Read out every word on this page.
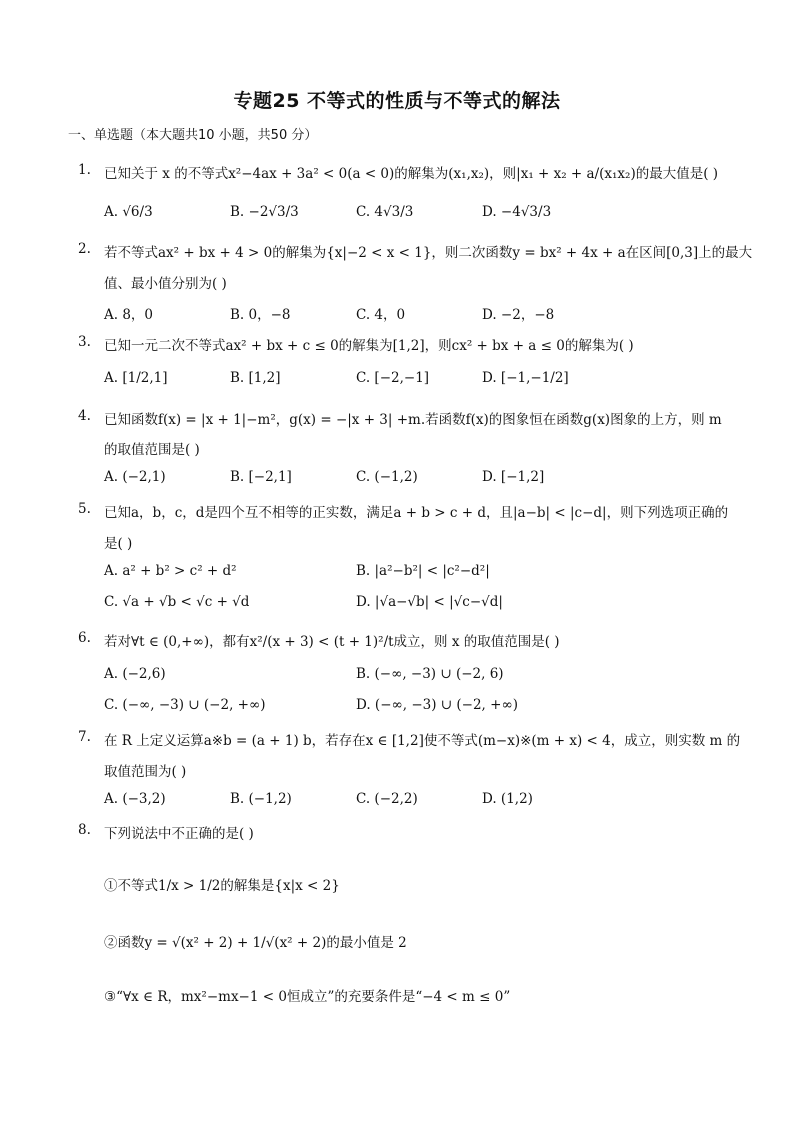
专题25 不等式的性质与不等式的解法
一、单选题（本大题共10 小题，共50 分）
1. 已知关于 x 的不等式x²−4ax + 3a² < 0(a < 0)的解集为(x₁,x₂)，则|x₁ + x₂ + a/(x₁x₂)的最大值是( )
A. √6/3	B. −2√3/3	C. 4√3/3	D. −4√3/3
2. 若不等式ax² + bx + 4 > 0的解集为{x|−2 < x < 1}，则二次函数y = bx² + 4x + a在区间[0,3]上的最大
值、最小值分别为( )
A. 8，0	B. 0，−8	C. 4，0	D. −2，−8
3. 已知一元二次不等式ax² + bx + c ≤ 0的解集为[1,2]，则cx² + bx + a ≤ 0的解集为( )
A. [1/2,1]	B. [1,2]	C. [−2,−1]	D. [−1,−1/2]
4. 已知函数f(x) = |x + 1|−m²，g(x) = −|x + 3| +m.若函数f(x)的图象恒在函数g(x)图象的上方，则 m
的取值范围是( )
A. (−2,1)	B. [−2,1]	C. (−1,2)	D. [−1,2]
5. 已知a，b，c，d是四个互不相等的正实数，满足a + b > c + d，且|a−b| < |c−d|，则下列选项正确的
是( )
A. a² + b² > c² + d²	B. |a²−b²| < |c²−d²|
C. √a + √b < √c + √d	D. |√a−√b| < |√c−√d|
6. 若对∀t ∈ (0,+∞)，都有x²/(x + 3) < (t + 1)²/t成立，则 x 的取值范围是( )
A. (−2,6)	B. (−∞, −3) ∪ (−2, 6)
C. (−∞, −3) ∪ (−2, +∞)	D. (−∞, −3) ∪ (−2, +∞)
7. 在 R 上定义运算a※b = (a + 1) b，若存在x ∈ [1,2]使不等式(m−x)※(m + x) < 4，成立，则实数 m 的
取值范围为( )
A. (−3,2)	B. (−1,2)	C. (−2,2)	D. (1,2)
8. 下列说法中不正确的是( )
①不等式1/x > 1/2的解集是{x|x < 2}
②函数y = √(x² + 2) + 1/√(x² + 2)的最小值是 2
③“∀x ∈ R，mx²−mx−1 < 0恒成立”的充要条件是“−4 < m ≤ 0”
